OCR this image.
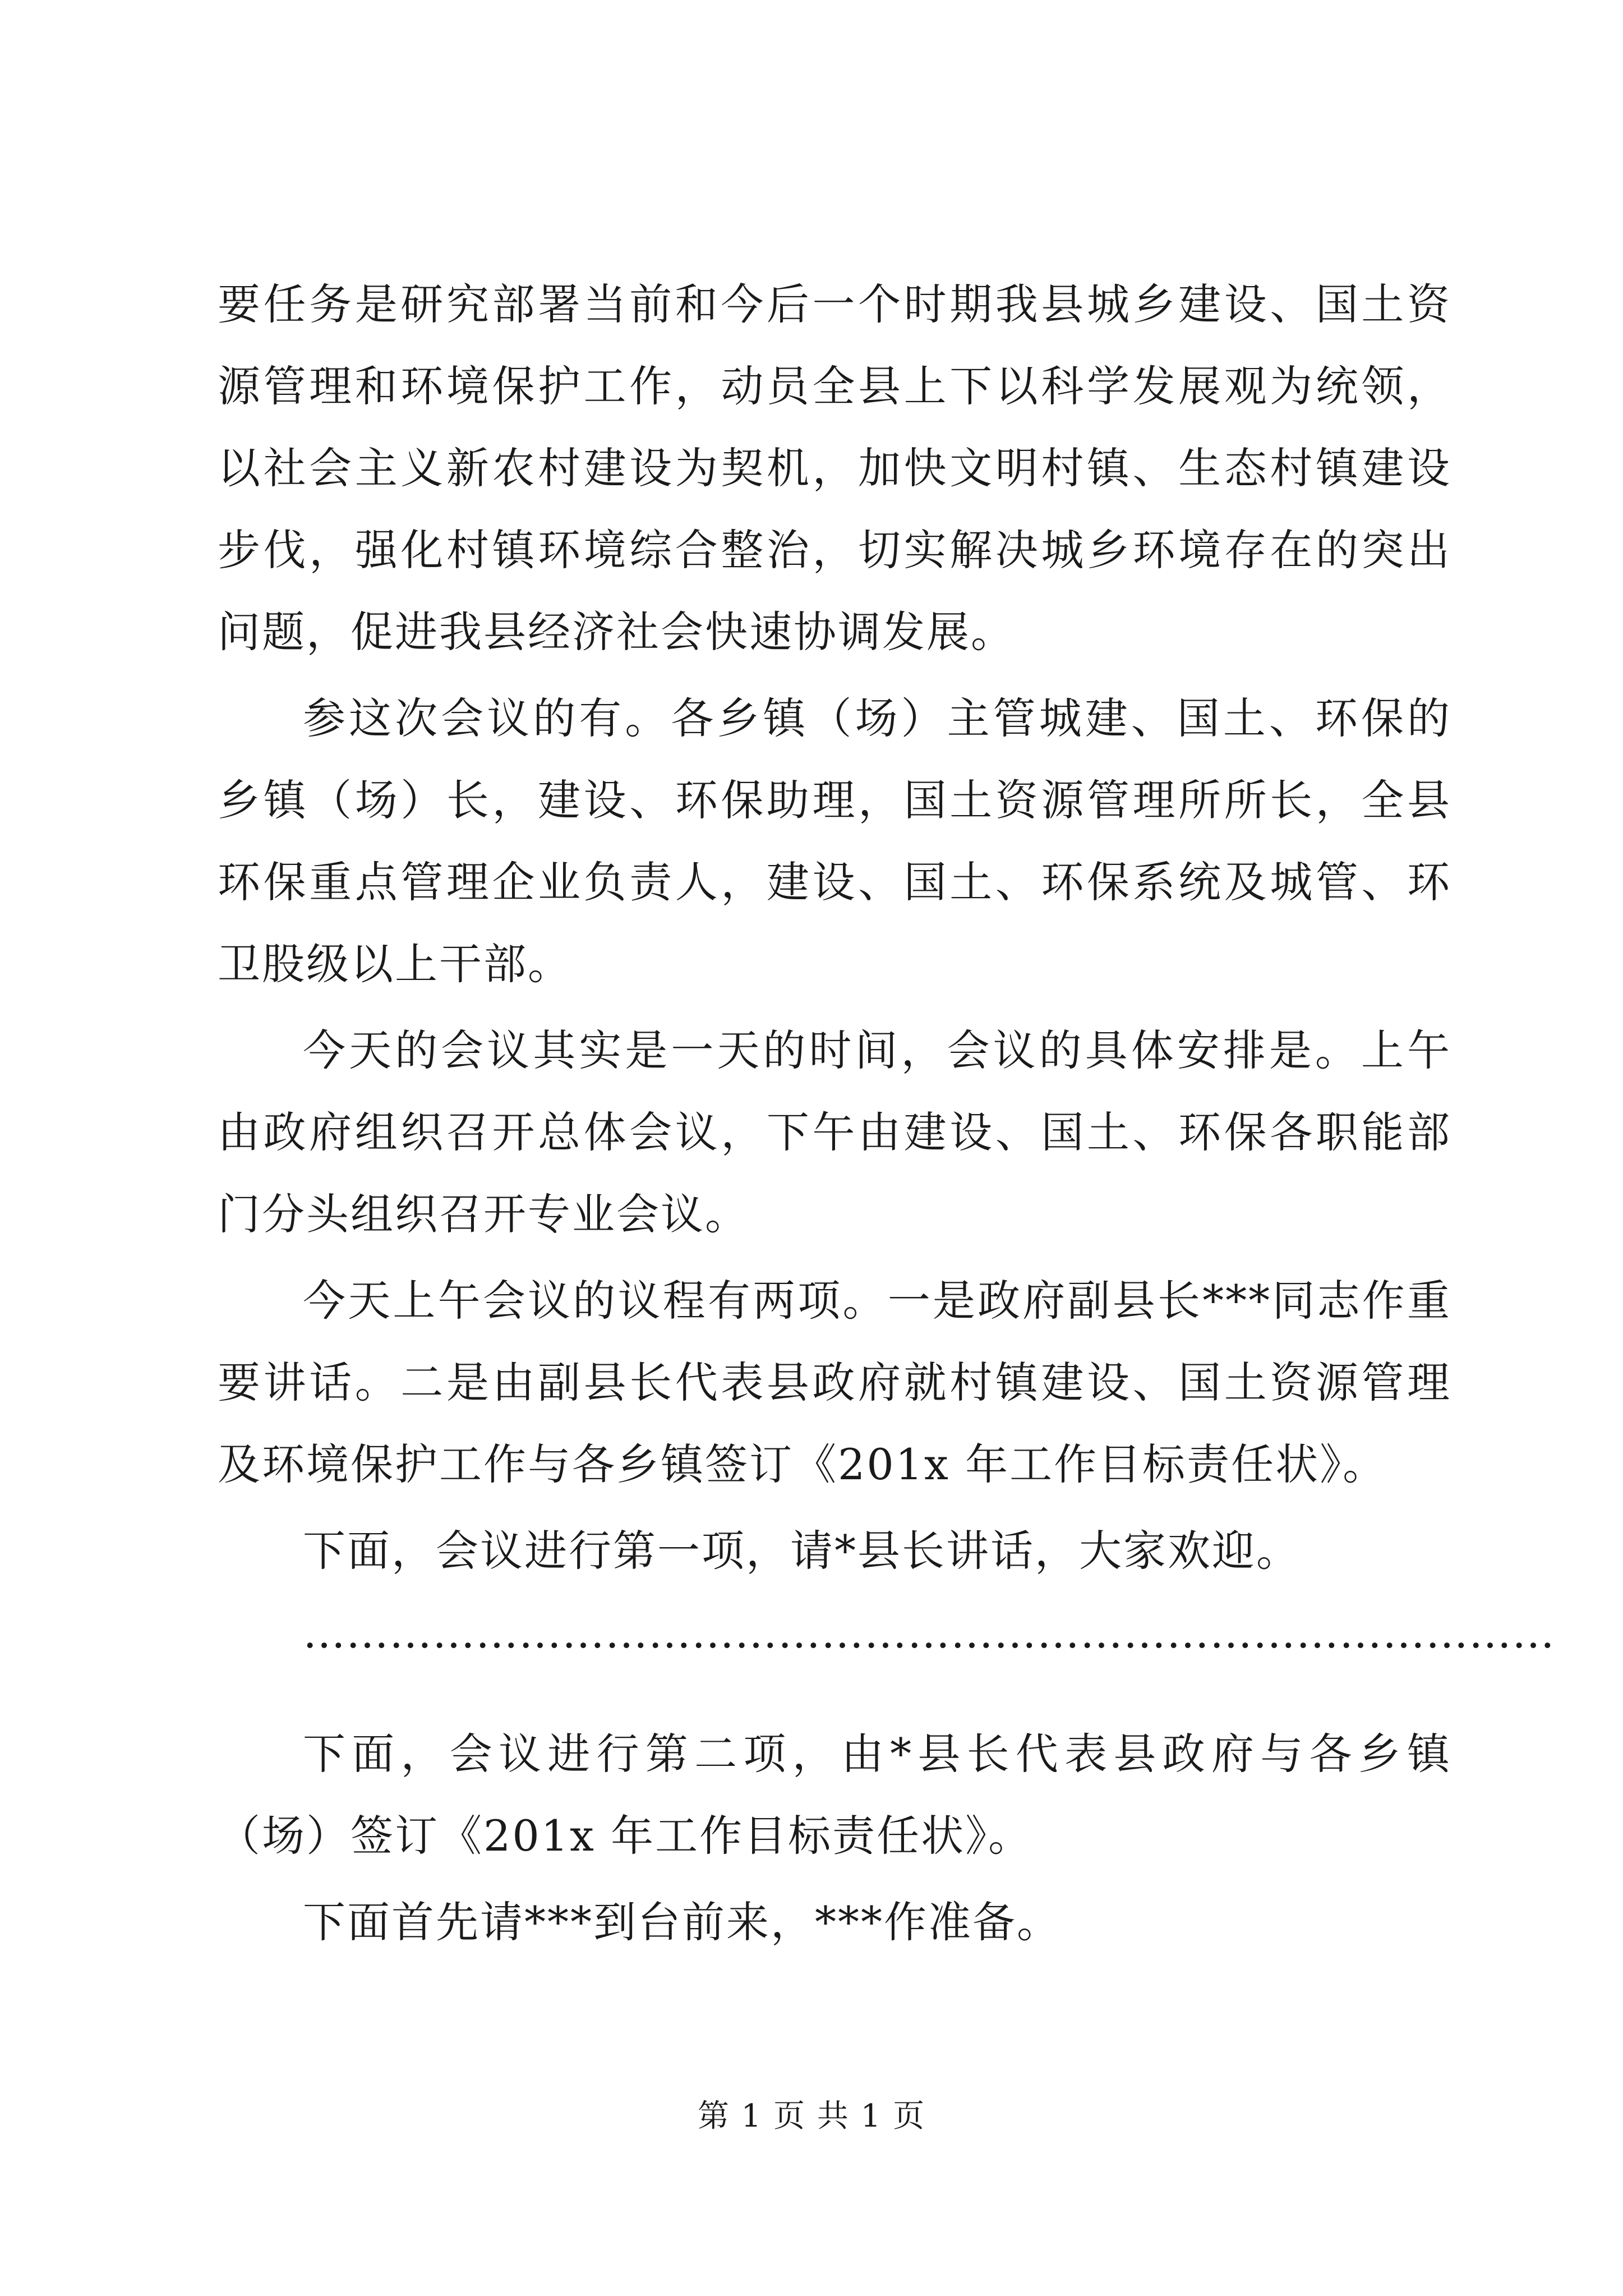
要任务是研究部署当前和今后一个时期我县城乡建设、国土资源管理和环境保护工作，动员全县上下以科学发展观为统领，以社会主义新农村建设为契机，加快文明村镇、生态村镇建设步伐，强化村镇环境综合整治，切实解决城乡环境存在的突出问题，促进我县经济社会快速协调发展。

参这次会议的有。各乡镇（场）主管城建、国土、环保的乡镇（场）长，建设、环保助理，国土资源管理所所长，全县环保重点管理企业负责人，建设、国土、环保系统及城管、环卫股级以上干部。

今天的会议其实是一天的时间，会议的具体安排是。上午由政府组织召开总体会议，下午由建设、国土、环保各职能部门分头组织召开专业会议。

今天上午会议的议程有两项。一是政府副县长***同志作重要讲话。二是由副县长代表县政府就村镇建设、国土资源管理及环境保护工作与各乡镇签订《201x 年工作目标责任状》。

下面，会议进行第一项，请*县长讲话，大家欢迎。

……………………………………………………………………………

下面，会议进行第二项，由*县长代表县政府与各乡镇（场）签订《201x 年工作目标责任状》。

下面首先请***到台前来，***作准备。

第 1 页 共 1 页
